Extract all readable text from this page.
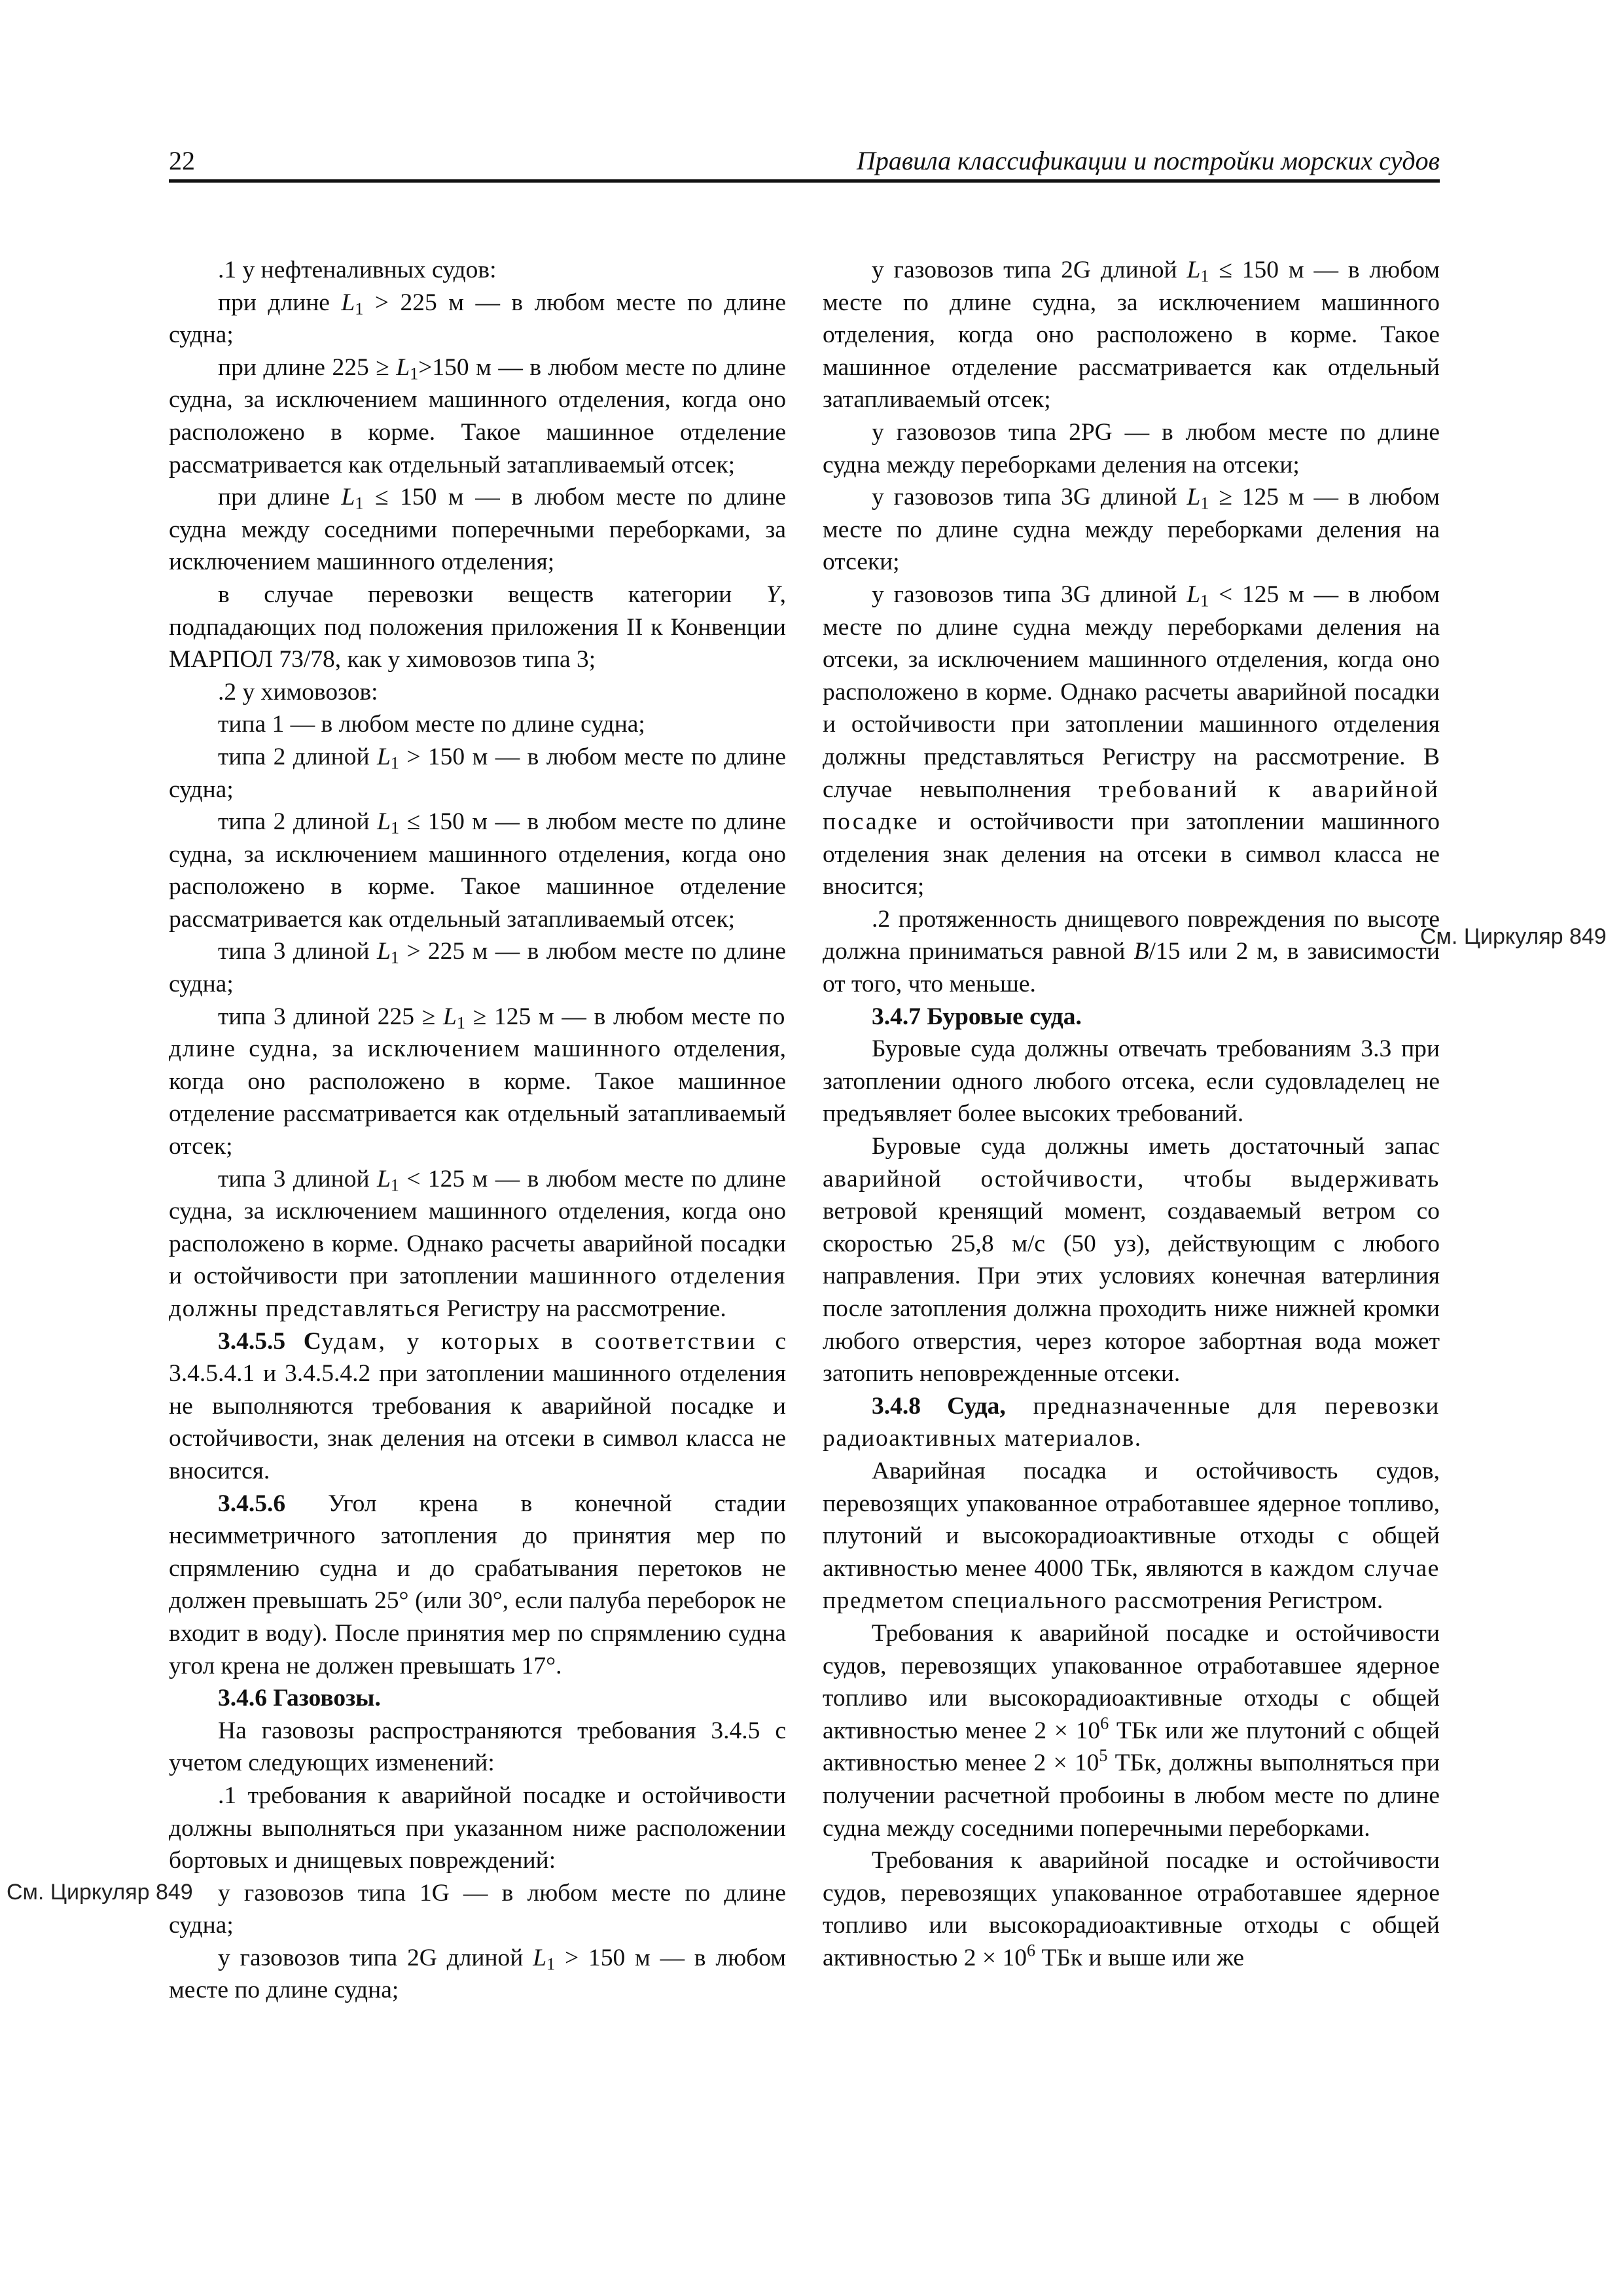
22	Правила классификации и постройки морских судов
См. Циркуляр 849
См. Циркуляр 849

.1 у нефтеналивных судов:

при длине $L_1 > 225$ м — в любом месте по длине судна;

при длине $225 \ge L_1>150$ м — в любом месте по длине судна, за исключением машинного отделения, когда оно расположено в корме. Такое машинное отделение рассматривается как отдельный затапливаемый отсек;

при длине $L_1 \le 150$ м — в любом месте по длине судна между соседними поперечными переборками, за исключением машинного отделения;

в случае перевозки веществ категории Y, подпадающих под положения приложения II к Конвенции МАРПОЛ 73/78, как у химовозов типа 3;

.2 у химовозов:

типа 1 — в любом месте по длине судна;

типа 2 длиной $L_1 > 150$ м — в любом месте по длине судна;

типа 2 длиной $L_1 \le 150$ м — в любом месте по длине судна, за исключением машинного отделения, когда оно расположено в корме. Такое машинное отделение рассматривается как отдельный затапливаемый отсек;

типа 3 длиной $L_1 > 225$ м — в любом месте по длине судна;

типа 3 длиной $225 \ge L_1 \ge 125$ м — в любом месте по длине судна, за исключением машинного отделения, когда оно расположено в корме. Такое машинное отделение рассматривается как отдельный затапливаемый отсек;

типа 3 длиной $L_1 < 125$ м — в любом месте по длине судна, за исключением машинного отделения, когда оно расположено в корме. Однако расчеты аварийной посадки и остойчивости при затоплении машинного отделения должны представляться Регистру на рассмотрение.

3.4.5.5 Судам, у которых в соответствии с 3.4.5.4.1 и 3.4.5.4.2 при затоплении машинного отделения не выполняются требования к аварийной посадке и остойчивости, знак деления на отсеки в символ класса не вносится.

3.4.5.6 Угол крена в конечной стадии несимметричного затопления до принятия мер по спрямлению судна и до срабатывания перетоков не должен превышать 25° (или 30°, если палуба переборок не входит в воду). После принятия мер по спрямлению судна угол крена не должен превышать 17°.

3.4.6 Газовозы.

На газовозы распространяются требования 3.4.5 с учетом следующих изменений:

.1 требования к аварийной посадке и остойчивости должны выполняться при указанном ниже расположении бортовых и днищевых повреждений:

у газовозов типа 1G — в любом месте по длине судна;

у газовозов типа 2G длиной $L_1 > 150$ м — в любом месте по длине судна;

у газовозов типа 2G длиной $L_1 \le 150$ м — в любом месте по длине судна, за исключением машинного отделения, когда оно расположено в корме. Такое машинное отделение рассматривается как отдельный затапливаемый отсек;

у газовозов типа 2PG — в любом месте по длине судна между переборками деления на отсеки;

у газовозов типа 3G длиной $L_1 \ge 125$ м — в любом месте по длине судна между переборками деления на отсеки;

у газовозов типа 3G длиной $L_1 < 125$ м — в любом месте по длине судна между переборками деления на отсеки, за исключением машинного отделения, когда оно расположено в корме. Однако расчеты аварийной посадки и остойчивости при затоплении машинного отделения должны представляться Регистру на рассмотрение. В случае невыполнения требований к аварийной посадке и остойчивости при затоплении машинного отделения знак деления на отсеки в символ класса не вносится;

.2 протяженность днищевого повреждения по высоте должна приниматься равной B/15 или 2 м, в зависимости от того, что меньше.

3.4.7 Буровые суда.

Буровые суда должны отвечать требованиям 3.3 при затоплении одного любого отсека, если судовладелец не предъявляет более высоких требований.

Буровые суда должны иметь достаточный запас аварийной остойчивости, чтобы выдерживать ветровой кренящий момент, создаваемый ветром со скоростью 25,8 м/с (50 уз), действующим с любого направления. При этих условиях конечная ватерлиния после затопления должна проходить ниже нижней кромки любого отверстия, через которое забортная вода может затопить неповрежденные отсеки.

3.4.8 Суда, предназначенные для перевозки радиоактивных материалов.

Аварийная посадка и остойчивость судов, перевозящих упакованное отработавшее ядерное топливо, плутоний и высокорадиоактивные отходы с общей активностью менее 4000 ТБк, являются в каждом случае предметом специального рассмотрения Регистром.

Требования к аварийной посадке и остойчивости судов, перевозящих упакованное отработавшее ядерное топливо или высокорадиоактивные отходы с общей активностью менее $2 \times 10^6$ ТБк или же плутоний с общей активностью менее $2 \times 10^5$ ТБк, должны выполняться при получении расчетной пробоины в любом месте по длине судна между соседними поперечными переборками.

Требования к аварийной посадке и остойчивости судов, перевозящих упакованное отработавшее ядерное топливо или высокорадиоактивные отходы с общей активностью $2 \times 10^6$ ТБк и выше или же
